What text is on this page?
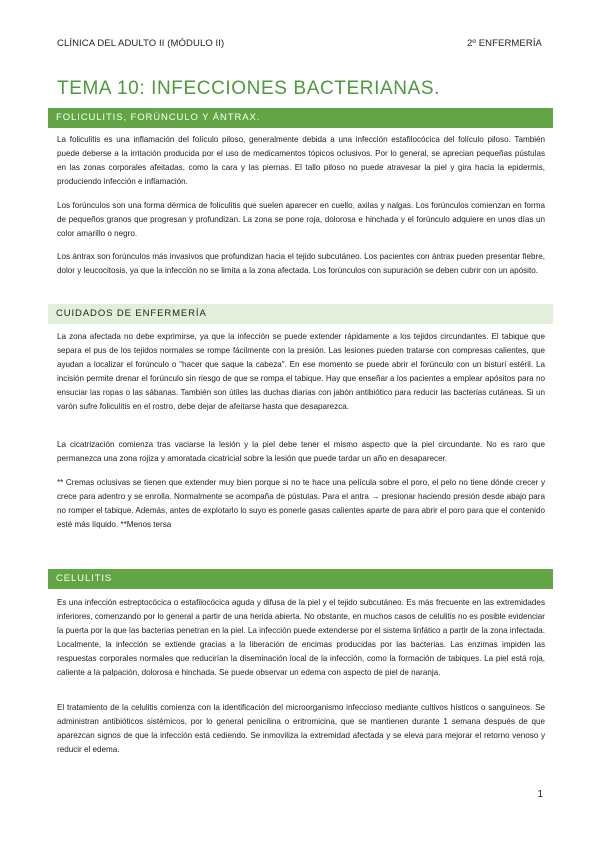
CLÍNICA DEL ADULTO II (MÓDULO II)	2º ENFERMERÍA
TEMA 10: INFECCIONES BACTERIANAS.
FOLICULITIS, FORÚNCULO Y ÁNTRAX.
La foliculitis es una inflamación del folículo piloso, generalmente debida a una infección estafilocócica del folículo piloso. También puede deberse a la irritación producida por el uso de medicamentos tópicos oclusivos. Por lo general, se aprecian pequeñas pústulas en las zonas corporales afeitadas, como la cara y las piernas. El tallo piloso no puede atravesar la piel y gira hacia la epidermis, produciendo infección e inflamación.
Los forúnculos son una forma dérmica de foliculitis que suelen aparecer en cuello, axilas y nalgas. Los forúnculos comienzan en forma de pequeños granos que progresan y profundizan. La zona se pone roja, dolorosa e hinchada y el forúnculo adquiere en unos días un color amarillo o negro.
Los ántrax son forúnculos más invasivos que profundizan hacia el tejido subcutáneo. Los pacientes con ántrax pueden presentar fiebre, dolor y leucocitosis, ya que la infección no se limita a la zona afectada. Los forúnculos con supuración se deben cubrir con un apósito.
CUIDADOS DE ENFERMERÍA
La zona afectada no debe exprimirse, ya que la infección se puede extender rápidamente a los tejidos circundantes. El tabique que separa el pus de los tejidos normales se rompe fácilmente con la presión. Las lesiones pueden tratarse con compresas calientes, que ayudan a localizar el forúnculo o “hacer que saque la cabeza”. En ese momento se puede abrir el forúnculo con un bisturí estéril. La incisión permite drenar el forúnculo sin riesgo de que se rompa el tabique. Hay que enseñar a los pacientes a emplear apósitos para no ensuciar las ropas o las sábanas. También son útiles las duchas diarias con jabón antibiótico para reducir las bacterias cutáneas. Si un varón sufre foliculitis en el rostro, debe dejar de afeitarse hasta que desaparezca.
La cicatrización comienza tras vaciarse la lesión y la piel debe tener el mismo aspecto que la piel circundante. No es raro que permanezca una zona rojiza y amoratada cicatricial sobre la lesión que puede tardar un año en desaparecer.
** Cremas oclusivas se tienen que extender muy bien porque si no te hace una película sobre el poro, el pelo no tiene dónde crecer y crece para adentro y se enrolla. Normalmente se acompaña de pústulas. Para el antra → presionar haciendo presión desde abajo para no romper el tabique. Además, antes de explotarlo lo suyo es ponerle gasas calientes aparte de para abrir el poro para que el contenido esté más líquido. **Menos tersa
CELULITIS
Es una infección estreptocócica o estafilocócica aguda y difusa de la piel y el tejido subcutáneo. Es más frecuente en las extremidades inferiores, comenzando por lo general a partir de una herida abierta. No obstante, en muchos casos de celulitis no es posible evidenciar la puerta por la que las bacterias penetran en la piel. La infección puede extenderse por el sistema linfático a partir de la zona infectada. Localmente, la infección se extiende gracias a la liberación de encimas producidas por las bacterias. Las enzimas impiden las respuestas corporales normales que reducirían la diseminación local de la infección, como la formación de tabiques. La piel está roja, caliente a la palpación, dolorosa e hinchada. Se puede observar un edema con aspecto de piel de naranja.
El tratamiento de la celulitis comienza con la identificación del microorganismo infeccioso mediante cultivos hísticos o sanguíneos. Se administran antibióticos sistémicos, por lo general penicilina o eritromicina, que se mantienen durante 1 semana después de que aparezcan signos de que la infección está cediendo. Se inmoviliza la extremidad afectada y se eleva para mejorar el retorno venoso y reducir el edema.
1
